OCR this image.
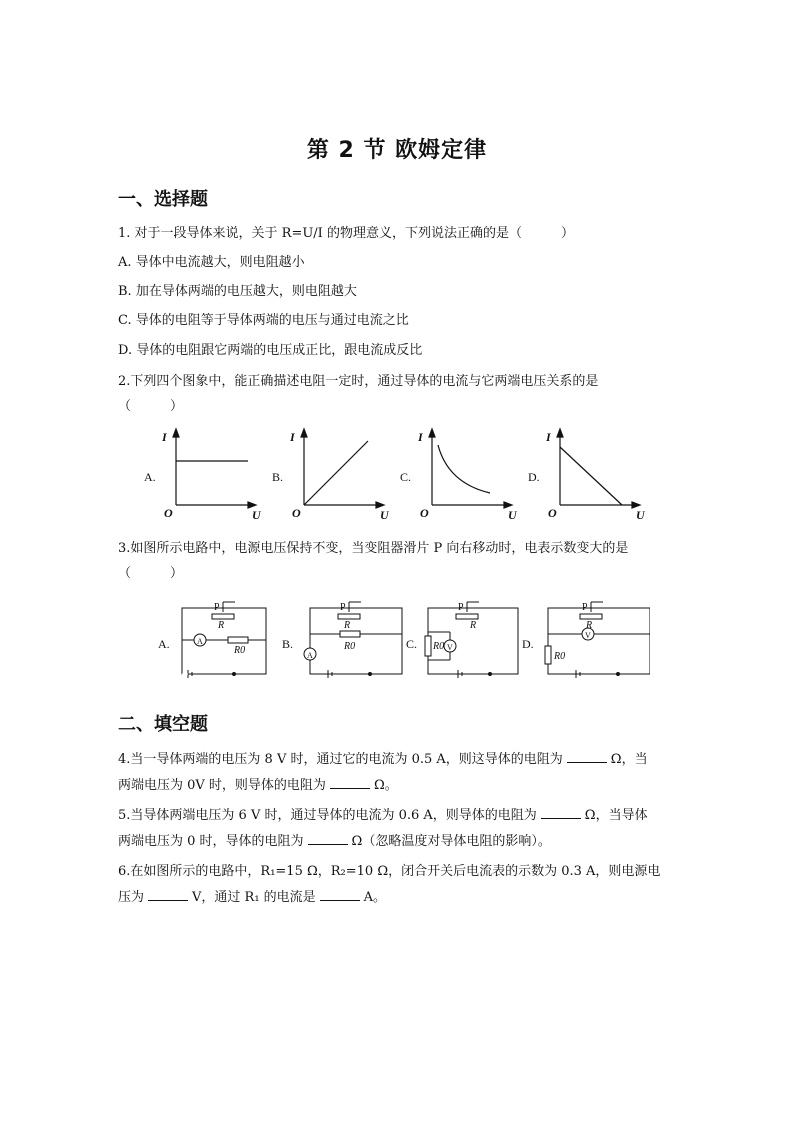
第 2 节 欧姆定律
一、选择题
1. 对于一段导体来说，关于 R=U/I 的物理意义，下列说法正确的是（　　　）
A. 导体中电流越大，则电阻越小
B. 加在导体两端的电压越大，则电阻越大
C. 导体的电阻等于导体两端的电压与通过电流之比
D. 导体的电阻跟它两端的电压成正比，跟电流成反比
2.下列四个图象中，能正确描述电阻一定时，通过导体的电流与它两端电压关系的是
（　　　）
A.	B.	C.	D.
I
U
O
I
U
O
I
U
O
I
U
O
3.如图所示电路中，电源电压保持不变，当变阻器滑片 P 向右移动时，电表示数变大的是
（　　　）
A.	B.	C.	D.
P
R
R0
A
P
R
R0
A
P
R
R0 V
P
R
R0
V
二、填空题
4.当一导体两端的电压为 8 V 时，通过它的电流为 0.5 A，则这导体的电阻为	Ω，当
两端电压为 0V 时，则导体的电阻为	Ω。
5.当导体两端电压为 6 V 时，通过导体的电流为 0.6 A，则导体的电阻为	Ω，当导体
两端电压为 0 时，导体的电阻为	Ω（忽略温度对导体电阻的影响）。
6.在如图所示的电路中，R₁=15 Ω，R₂=10 Ω，闭合开关后电流表的示数为 0.3 A，则电源电
压为	V，通过 R₁ 的电流是	A。
